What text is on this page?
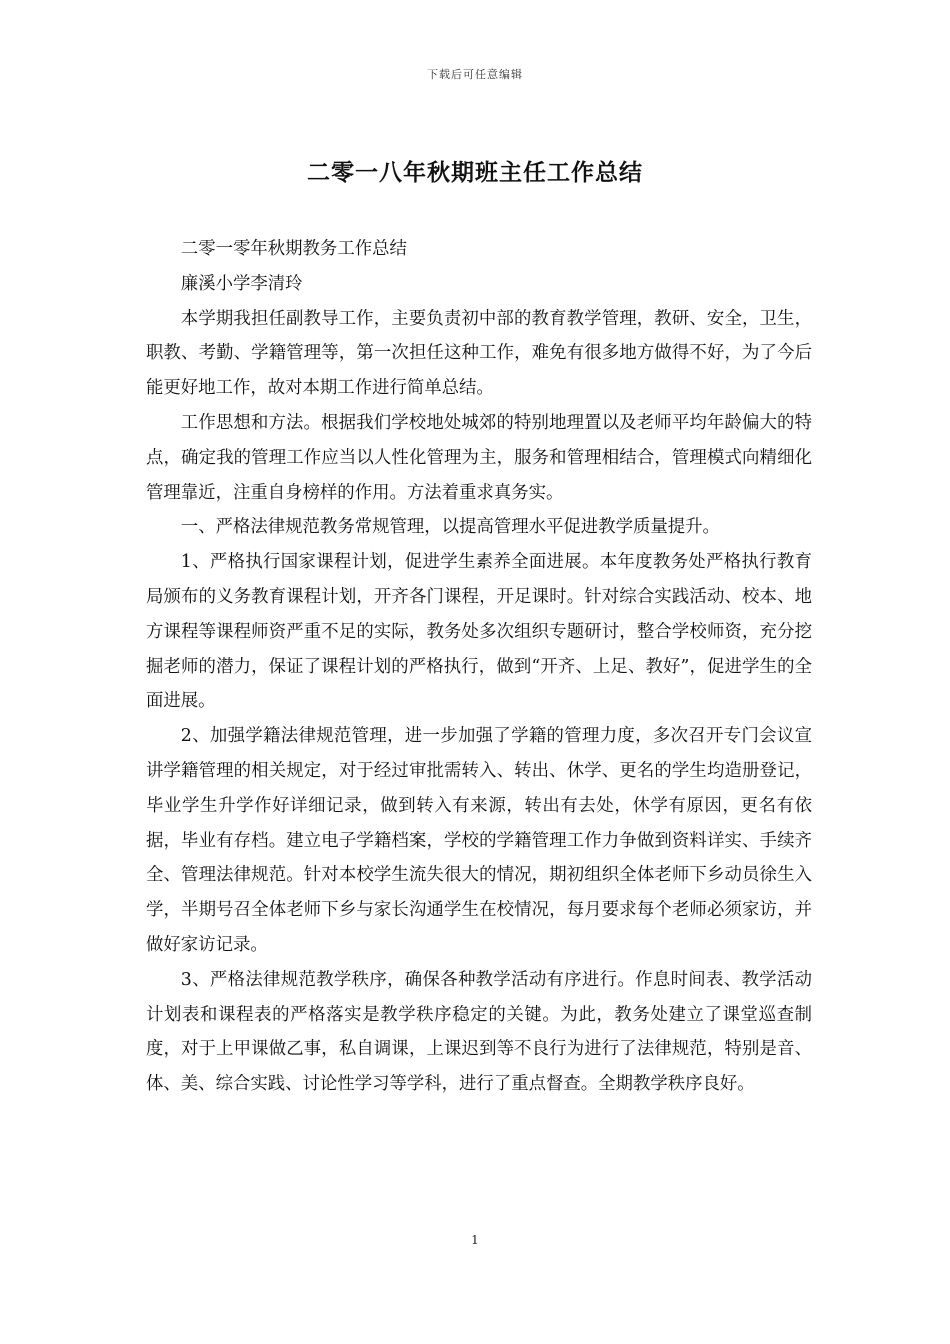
下载后可任意编辑
二零一八年秋期班主任工作总结

二零一零年秋期教务工作总结

廉溪小学李清玲

本学期我担任副教导工作，主要负责初中部的教育教学管理，教研、安全，卫生，职教、考勤、学籍管理等，第一次担任这种工作，难免有很多地方做得不好，为了今后能更好地工作，故对本期工作进行简单总结。

工作思想和方法。根据我们学校地处城郊的特别地理置以及老师平均年龄偏大的特点，确定我的管理工作应当以人性化管理为主，服务和管理相结合，管理模式向精细化管理靠近，注重自身榜样的作用。方法着重求真务实。

一、严格法律规范教务常规管理，以提高管理水平促进教学质量提升。

1、严格执行国家课程计划，促进学生素养全面进展。本年度教务处严格执行教育局颁布的义务教育课程计划，开齐各门课程，开足课时。针对综合实践活动、校本、地方课程等课程师资严重不足的实际，教务处多次组织专题研讨，整合学校师资，充分挖掘老师的潜力，保证了课程计划的严格执行，做到“开齐、上足、教好”，促进学生的全面进展。

2、加强学籍法律规范管理，进一步加强了学籍的管理力度，多次召开专门会议宣讲学籍管理的相关规定，对于经过审批需转入、转出、休学、更名的学生均造册登记，毕业学生升学作好详细记录，做到转入有来源，转出有去处，休学有原因，更名有依据，毕业有存档。建立电子学籍档案，学校的学籍管理工作力争做到资料详实、手续齐全、管理法律规范。针对本校学生流失很大的情况，期初组织全体老师下乡动员徐生入学，半期号召全体老师下乡与家长沟通学生在校情况，每月要求每个老师必须家访，并做好家访记录。

3、严格法律规范教学秩序，确保各种教学活动有序进行。作息时间表、教学活动计划表和课程表的严格落实是教学秩序稳定的关键。为此，教务处建立了课堂巡查制度，对于上甲课做乙事，私自调课，上课迟到等不良行为进行了法律规范，特别是音、体、美、综合实践、讨论性学习等学科，进行了重点督查。全期教学秩序良好。

1
